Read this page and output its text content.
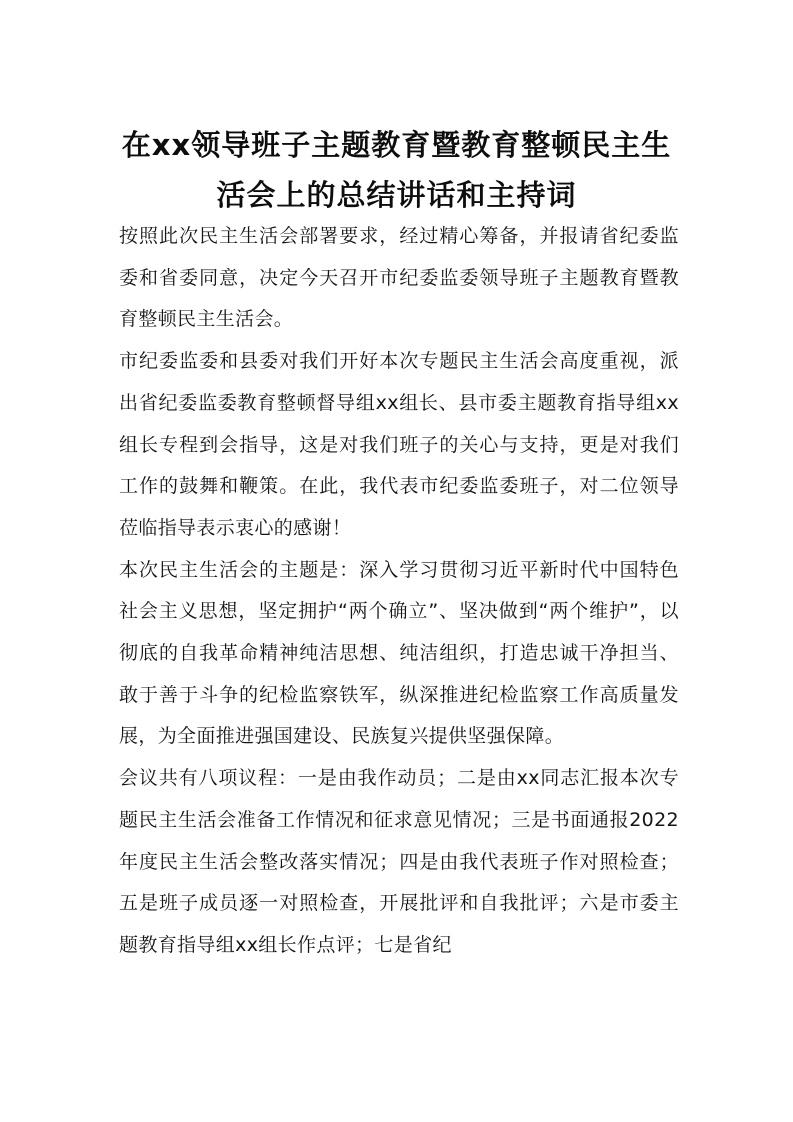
在xx领导班子主题教育暨教育整顿民主生
活会上的总结讲话和主持词

按照此次民主生活会部署要求，经过精心筹备，并报请省纪委监委和省委同意，决定今天召开市纪委监委领导班子主题教育暨教育整顿民主生活会。

市纪委监委和县委对我们开好本次专题民主生活会高度重视，派出省纪委监委教育整顿督导组xx组长、县市委主题教育指导组xx组长专程到会指导，这是对我们班子的关心与支持，更是对我们工作的鼓舞和鞭策。在此，我代表市纪委监委班子，对二位领导莅临指导表示衷心的感谢！

本次民主生活会的主题是：深入学习贯彻习近平新时代中国特色社会主义思想，坚定拥护“两个确立”、坚决做到“两个维护”，以彻底的自我革命精神纯洁思想、纯洁组织，打造忠诚干净担当、敢于善于斗争的纪检监察铁军，纵深推进纪检监察工作高质量发展，为全面推进强国建设、民族复兴提供坚强保障。

会议共有八项议程：一是由我作动员；二是由xx同志汇报本次专题民主生活会准备工作情况和征求意见情况；三是书面通报2022年度民主生活会整改落实情况；四是由我代表班子作对照检查；五是班子成员逐一对照检查，开展批评和自我批评；六是市委主题教育指导组xx组长作点评；七是省纪
